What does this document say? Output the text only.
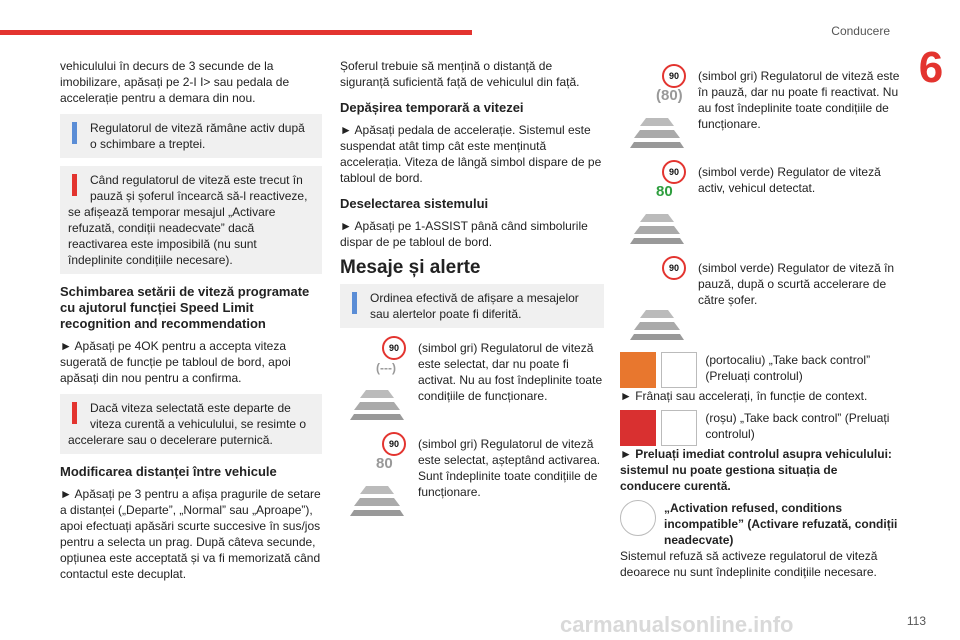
Conducere
6

vehiculului în decurs de 3 secunde de la imobilizare, apăsați pe 2-I I> sau pedala de accelerație pentru a demara din nou.

Regulatorul de viteză rămâne activ după o schimbare a treptei.
Când regulatorul de viteză este trecut în pauză și șoferul încearcă să-l reactiveze,
se afișează temporar mesajul „Activare refuzată, condiții neadecvate” dacă reactivarea este imposibilă (nu sunt îndeplinite condițiile necesare).
Schimbarea setării de viteză programate cu ajutorul funcției Speed Limit recognition and recommendation

► Apăsați pe 4OK pentru a accepta viteza sugerată de funcție pe tabloul de bord, apoi apăsați din nou pentru a confirma.

Dacă viteza selectată este departe de viteza curentă a vehiculului, se resimte o
accelerare sau o decelerare puternică.
Modificarea distanței între vehicule

► Apăsați pe 3 pentru a afișa pragurile de setare a distanței („Departe”, „Normal” sau „Aproape”), apoi efectuați apăsări scurte succesive în sus/jos pentru a selecta un prag. După câteva secunde, opțiunea este acceptată și va fi memorizată când contactul este decuplat.

Șoferul trebuie să mențină o distanță de siguranță suficientă față de vehiculul din față.

Depășirea temporară a vitezei

► Apăsați pedala de accelerație. Sistemul este suspendat atât timp cât este menținută accelerația. Viteza de lângă simbol dispare de pe tabloul de bord.

Deselectarea sistemului

► Apăsați pe 1-ASSIST până când simbolurile dispar de pe tabloul de bord.

Mesaje și alerte
Ordinea efectivă de afișare a mesajelor sau alertelor poate fi diferită.
90
(---)
(simbol gri) Regulatorul de viteză este selectat, dar nu poate fi activat. Nu au fost îndeplinite toate condițiile de funcționare.
90
80
(simbol gri) Regulatorul de viteză este selectat, așteptând activarea. Sunt îndeplinite toate condițiile de funcționare.
90
(80)
(simbol gri) Regulatorul de viteză este în pauză, dar nu poate fi reactivat. Nu au fost îndeplinite toate condițiile de funcționare.
90
80
(simbol verde) Regulator de viteză activ, vehicul detectat.
90	(simbol verde) Regulator de viteză în pauză, după o scurtă accelerare de către șofer.

(portocaliu) „Take back control” (Preluați controlul)
► Frânați sau accelerați, în funcție de context.

(roșu) „Take back control” (Preluați controlul)
► Preluați imediat controlul asupra vehiculului: sistemul nu poate gestiona situația de conducere curentă.
„Activation refused, conditions incompatible” (Activare refuzată, condiții neadecvate)
Sistemul refuză să activeze regulatorul de viteză deoarece nu sunt îndeplinite condițiile necesare.
carmanualsonline.info	113
